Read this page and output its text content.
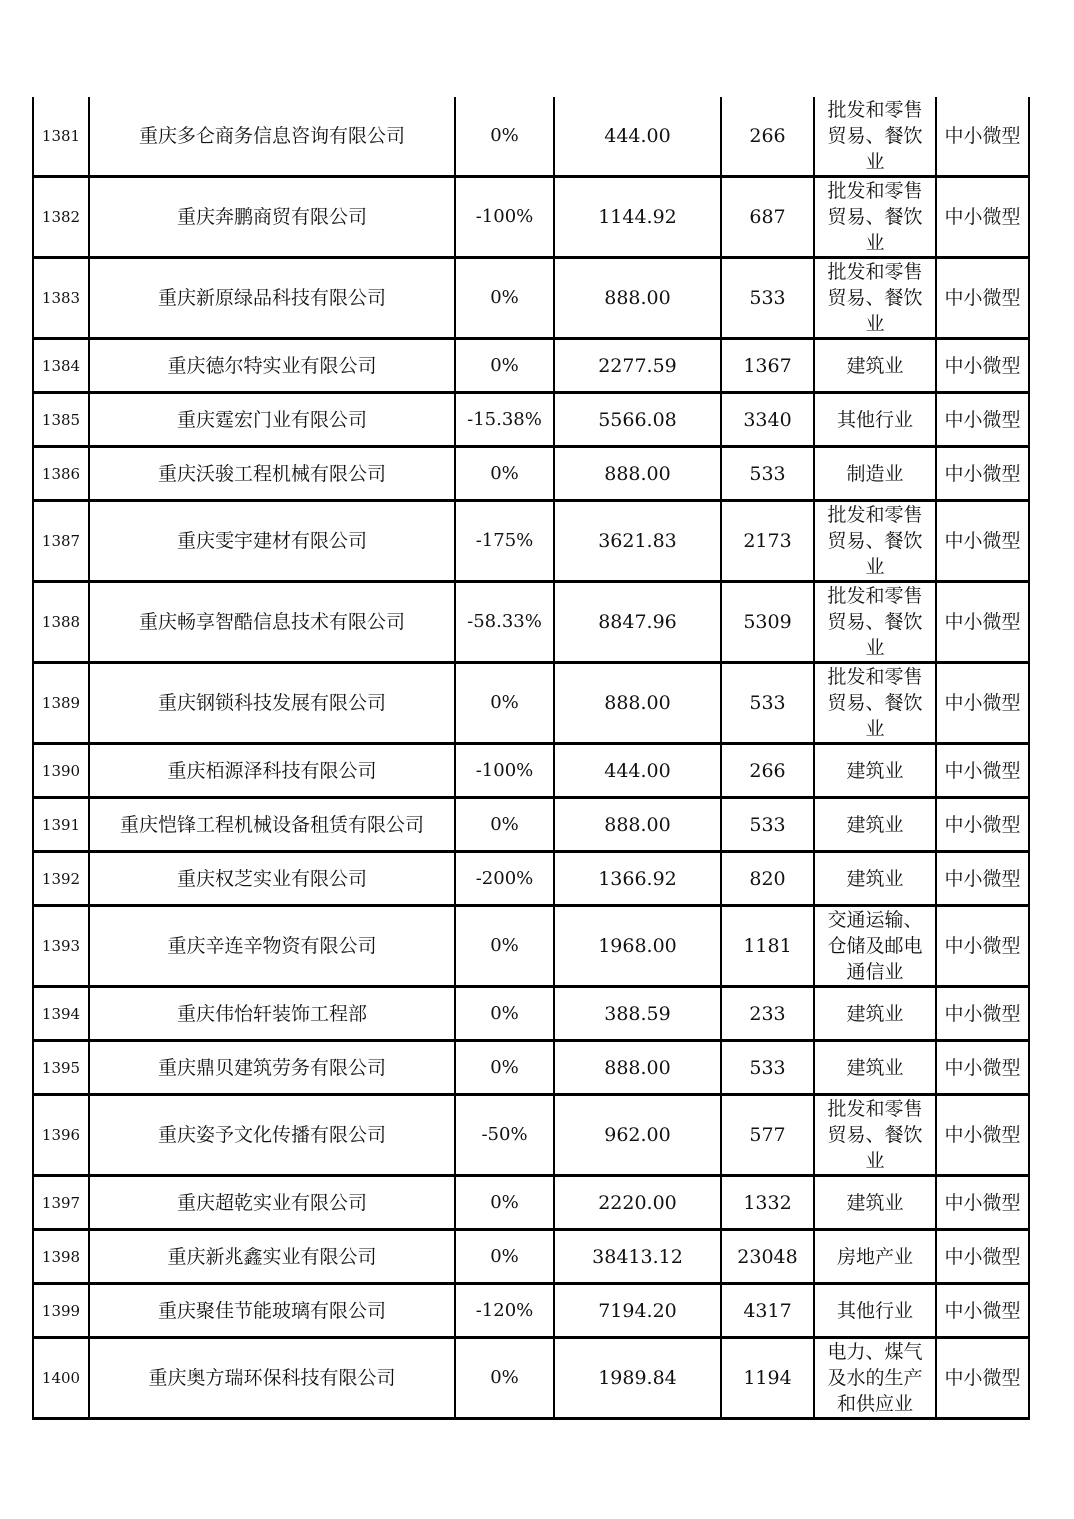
1381	重庆多仑商务信息咨询有限公司	0%	444.00	266	批发和零售贸易、餐饮业	中小微型
1382	重庆奔鹏商贸有限公司	-100%	1144.92	687	批发和零售贸易、餐饮业	中小微型
1383	重庆新原绿品科技有限公司	0%	888.00	533	批发和零售贸易、餐饮业	中小微型
1384	重庆德尔特实业有限公司	0%	2277.59	1367	建筑业	中小微型
1385	重庆霆宏门业有限公司	-15.38%	5566.08	3340	其他行业	中小微型
1386	重庆沃骏工程机械有限公司	0%	888.00	533	制造业	中小微型
1387	重庆雯宇建材有限公司	-175%	3621.83	2173	批发和零售贸易、餐饮业	中小微型
1388	重庆畅享智酷信息技术有限公司	-58.33%	8847.96	5309	批发和零售贸易、餐饮业	中小微型
1389	重庆钢锁科技发展有限公司	0%	888.00	533	批发和零售贸易、餐饮业	中小微型
1390	重庆栢源泽科技有限公司	-100%	444.00	266	建筑业	中小微型
1391	重庆恺锋工程机械设备租赁有限公司	0%	888.00	533	建筑业	中小微型
1392	重庆权芝实业有限公司	-200%	1366.92	820	建筑业	中小微型
1393	重庆辛连辛物资有限公司	0%	1968.00	1181	交通运输、仓储及邮电通信业	中小微型
1394	重庆伟怡轩装饰工程部	0%	388.59	233	建筑业	中小微型
1395	重庆鼎贝建筑劳务有限公司	0%	888.00	533	建筑业	中小微型
1396	重庆姿予文化传播有限公司	-50%	962.00	577	批发和零售贸易、餐饮业	中小微型
1397	重庆超乾实业有限公司	0%	2220.00	1332	建筑业	中小微型
1398	重庆新兆鑫实业有限公司	0%	38413.12	23048	房地产业	中小微型
1399	重庆聚佳节能玻璃有限公司	-120%	7194.20	4317	其他行业	中小微型
1400	重庆奥方瑞环保科技有限公司	0%	1989.84	1194	电力、煤气及水的生产和供应业	中小微型
